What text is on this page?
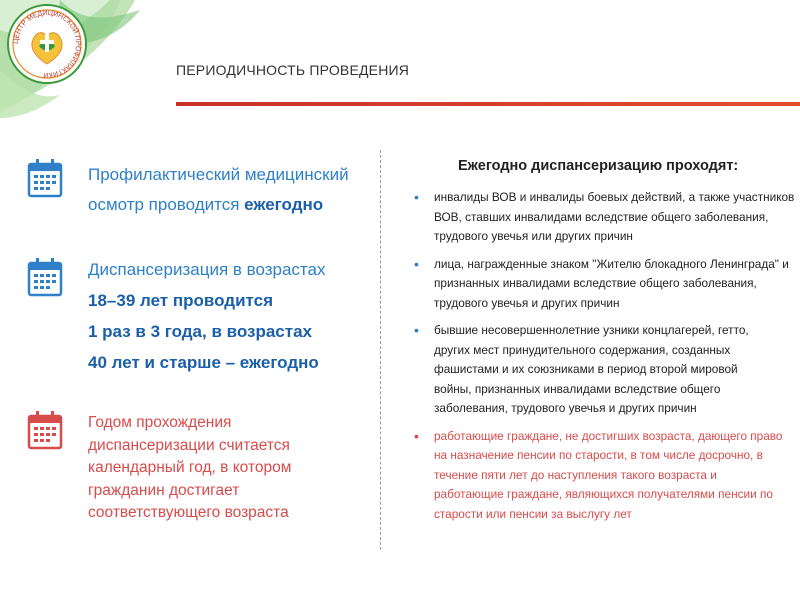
ЦЕНТР МЕДИЦИНСКОЙ ПРОФИЛАКТИКИ	ПЕРИОДИЧНОСТЬ ПРОВЕДЕНИЯ
Профилактический медицинский
осмотр проводится ежегодно
Диспансеризация в возрастах
18–39 лет проводится
1 раз в 3 года, в возрастах
40 лет и старше – ежегодно
Годом прохождения
диспансеризации считается
календарный год, в котором
гражданин достигает
соответствующего возраста
Ежегодно диспансеризацию проходят:
• инвалиды ВОВ и инвалиды боевых действий, а также участников
ВОВ, ставших инвалидами вследствие общего заболевания,
трудового увечья или других причин
• лица, награжденные знаком "Жителю блокадного Ленинграда" и
признанных инвалидами вследствие общего заболевания,
трудового увечья и других причин
• бывшие несовершеннолетние узники концлагерей, гетто,
других мест принудительного содержания, созданных
фашистами и их союзниками в период второй мировой
войны, признанных инвалидами вследствие общего
заболевания, трудового увечья и других причин
• работающие граждане, не достигших возраста, дающего право
на назначение пенсии по старости, в том числе досрочно, в
течение пяти лет до наступления такого возраста и
работающие граждане, являющихся получателями пенсии по
старости или пенсии за выслугу лет
